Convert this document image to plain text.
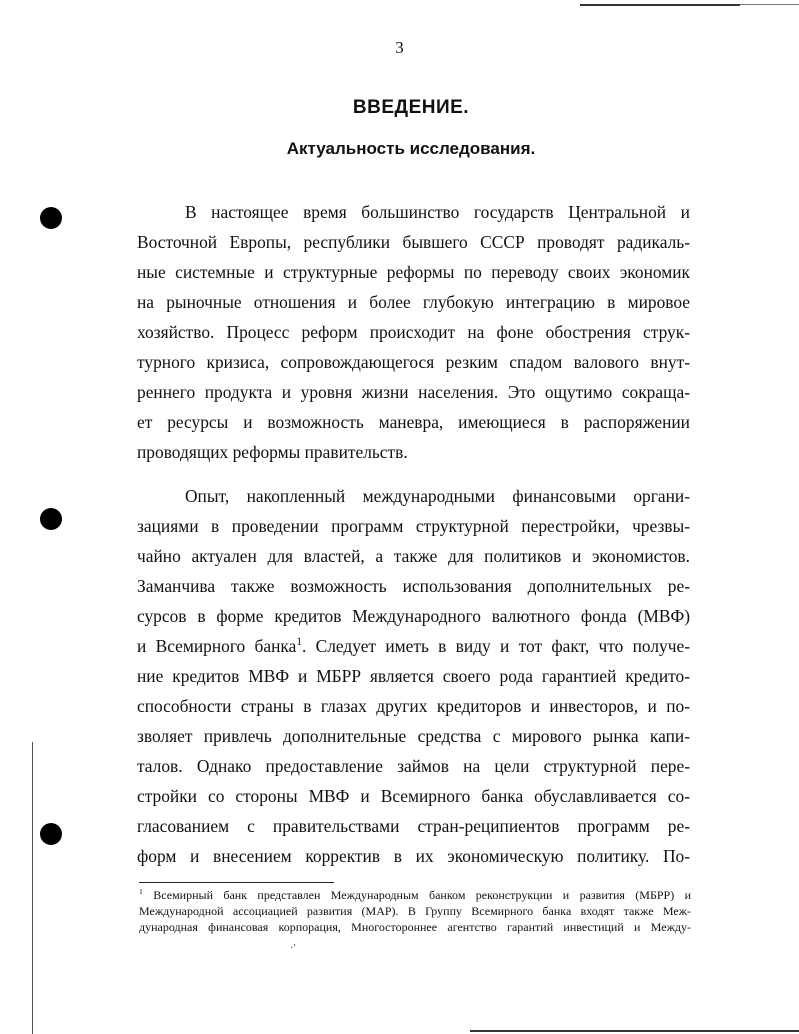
3
ВВЕДЕНИЕ.
Актуальность исследования.

В настоящее время большинство государств Центральной и
Восточной Европы, республики бывшего СССР проводят радикаль-
ные системные и структурные реформы по переводу своих экономик
на рыночные отношения и более глубокую интеграцию в мировое
хозяйство. Процесс реформ происходит на фоне обострения струк-
турного кризиса, сопровождающегося резким спадом валового внут-
реннего продукта и уровня жизни населения. Это ощутимо сокраща-
ет ресурсы и возможность маневра, имеющиеся в распоряжении
проводящих реформы правительств.

Опыт, накопленный международными финансовыми органи-
зациями в проведении программ структурной перестройки, чрезвы-
чайно актуален для властей, а также для политиков и экономистов.
Заманчива также возможность использования дополнительных ре-
сурсов в форме кредитов Международного валютного фонда (МВФ)
и Всемирного банка$^1$. Следует иметь в виду и тот факт, что получе-
ние кредитов МВФ и МБРР является своего рода гарантией кредито-
способности страны в глазах других кредиторов и инвесторов, и по-
зволяет привлечь дополнительные средства с мирового рынка капи-
талов. Однако предоставление займов на цели структурной пере-
стройки со стороны МВФ и Всемирного банка обуславливается со-
гласованием с правительствами стран-реципиентов программ ре-
форм и внесением корректив в их экономическую политику. По-

$^1$ Всемирный банк представлен Международным банком реконструкции и развития (МБРР) и
Международной ассоциацией развития (МАР). В Группу Всемирного банка входят также Меж-
дународная финансовая корпорация, Многостороннее агентство гарантий инвестиций и Между-

·'
